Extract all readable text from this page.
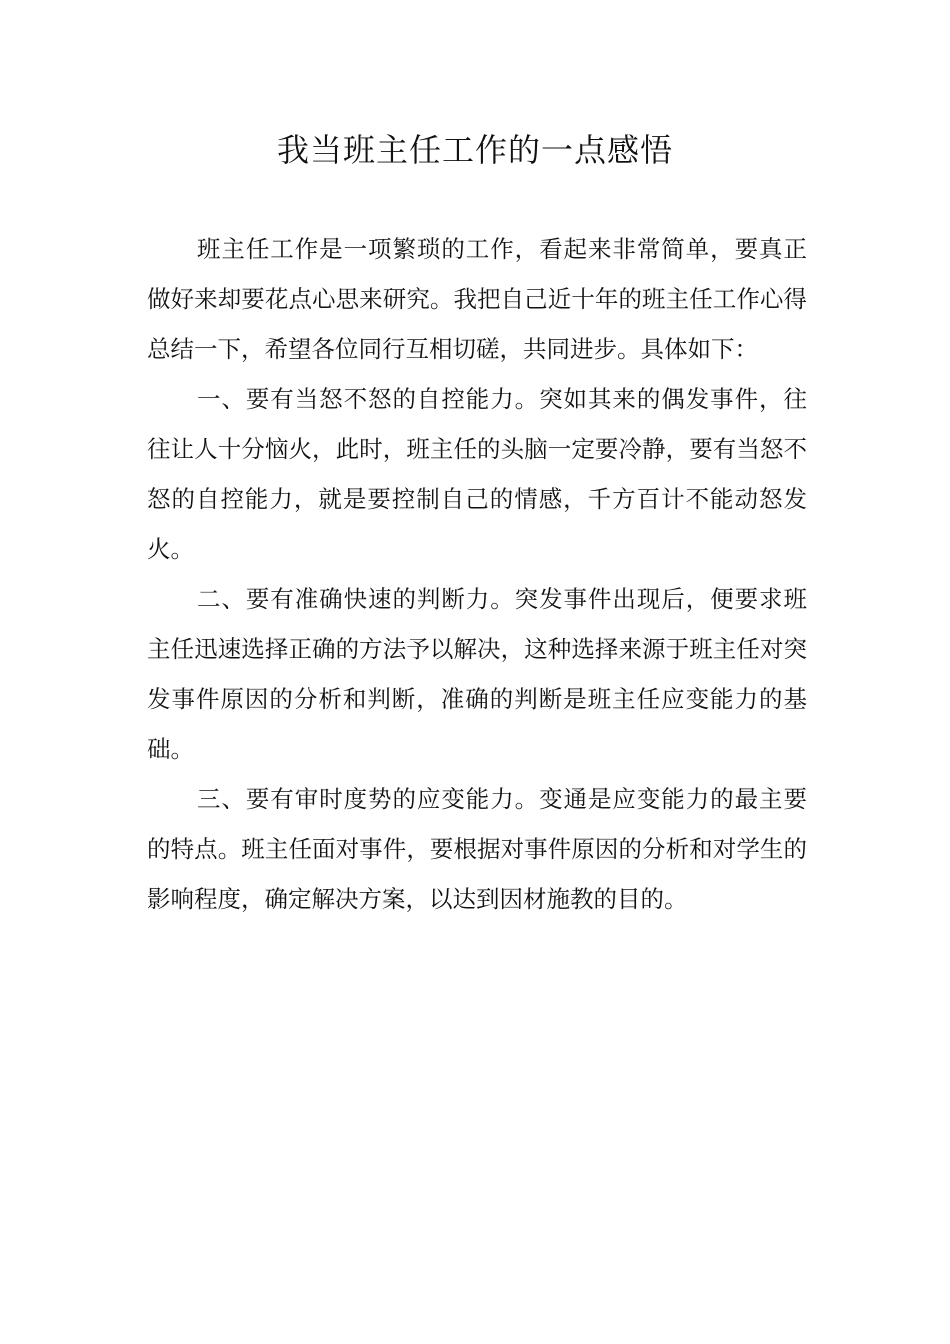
我当班主任工作的一点感悟

班主任工作是一项繁琐的工作，看起来非常简单，要真正做好来却要花点心思来研究。我把自己近十年的班主任工作心得总结一下，希望各位同行互相切磋，共同进步。具体如下：

一、要有当怒不怒的自控能力。突如其来的偶发事件，往往让人十分恼火，此时，班主任的头脑一定要冷静，要有当怒不怒的自控能力，就是要控制自己的情感，千方百计不能动怒发火。

二、要有准确快速的判断力。突发事件出现后，便要求班主任迅速选择正确的方法予以解决，这种选择来源于班主任对突发事件原因的分析和判断，准确的判断是班主任应变能力的基础。

三、要有审时度势的应变能力。变通是应变能力的最主要的特点。班主任面对事件，要根据对事件原因的分析和对学生的影响程度，确定解决方案，以达到因材施教的目的。
